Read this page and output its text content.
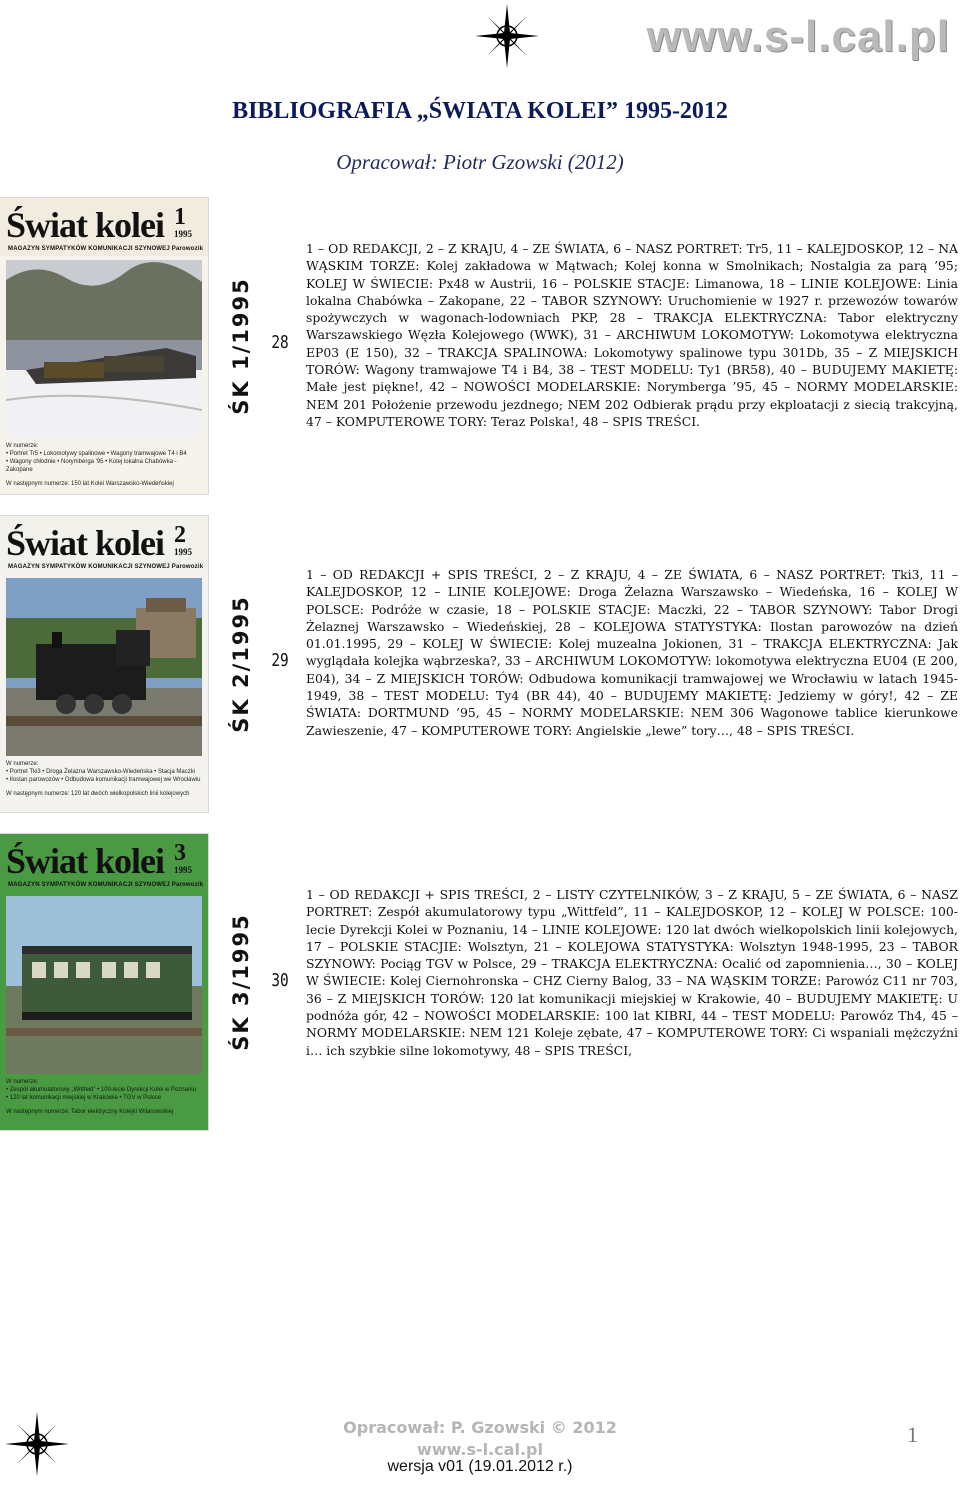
www.s-l.cal.pl
BIBLIOGRAFIA „ŚWIATA KOLEI” 1995-2012
Opracował: Piotr Gzowski (2012)
Świat kolei 1
1995
MAGAZYN SYMPATYKÓW KOMUNIKACJI SZYNOWEJ Parowozik
W numerze:
• Portret Tr5 • Lokomotywy spalinowe • Wagony tramwajowe T4 i B4
• Wagony chłodnie • Norymberga '95 • Kolej lokalna Chabówka - Zakopane
W następnym numerze: 150 lat Kolei Warszawsko-Wiedeńskiej
ŚK 1/1995 28
1 – OD REDAKCJI, 2 – Z KRAJU, 4 – ZE ŚWIATA, 6 – NASZ PORTRET: Tr5, 11 – KALEJDOSKOP, 12 – NA WĄSKIM TORZE: Kolej zakładowa w Mątwach; Kolej konna w Smolnikach; Nostalgia za parą ’95; KOLEJ W ŚWIECIE: Px48 w Austrii, 16 – POLSKIE STACJE: Limanowa, 18 – LINIE KOLEJOWE: Linia lokalna Chabówka – Zakopane, 22 – TABOR SZYNOWY: Uruchomienie w 1927 r. przewozów towarów spożywczych w wagonach-lodowniach PKP, 28 – TRAKCJA ELEKTRYCZNA: Tabor elektryczny Warszawskiego Węzła Kolejowego (WWK), 31 – ARCHIWUM LOKOMOTYW: Lokomotywa elektryczna EP03 (E 150), 32 – TRAKCJA SPALINOWA: Lokomotywy spalinowe typu 301Db, 35 – Z MIEJSKICH TORÓW: Wagony tramwajowe T4 i B4, 38 – TEST MODELU: Ty1 (BR58), 40 – BUDUJEMY MAKIETĘ: Małe jest piękne!, 42 – NOWOŚCI MODELARSKIE: Norymberga ’95, 45 – NORMY MODELARSKIE: NEM 201 Położenie przewodu jezdnego; NEM 202 Odbierak prądu przy ekploatacji z siecią trakcyjną, 47 – KOMPUTEROWE TORY: Teraz Polska!, 48 – SPIS TREŚCI.
Świat kolei 2
1995
MAGAZYN SYMPATYKÓW KOMUNIKACJI SZYNOWEJ Parowozik
W numerze:
• Portret Tki3 • Droga Żelazna Warszawsko-Wiedeńska • Stacja Maczki
• Ilostan parowozów • Odbudowa komunikacji tramwajowej we Wrocławiu
W następnym numerze: 120 lat dwóch wielkopolskich linii kolejowych
ŚK 2/1995 29
1 – OD REDAKCJI + SPIS TREŚCI, 2 – Z KRAJU, 4 – ZE ŚWIATA, 6 – NASZ PORTRET: Tki3, 11 – KALEJDOSKOP, 12 – LINIE KOLEJOWE: Droga Żelazna Warszawsko – Wiedeńska, 16 – KOLEJ W POLSCE: Podróże w czasie, 18 – POLSKIE STACJE: Maczki, 22 – TABOR SZYNOWY: Tabor Drogi Żelaznej Warszawsko – Wiedeńskiej, 28 – KOLEJOWA STATYSTYKA: Ilostan parowozów na dzień 01.01.1995, 29 – KOLEJ W ŚWIECIE: Kolej muzealna Jokionen, 31 – TRAKCJA ELEKTRYCZNA: Jak wyglądała kolejka wąbrzeska?, 33 – ARCHIWUM LOKOMOTYW: lokomotywa elektryczna EU04 (E 200, E04), 34 – Z MIEJSKICH TORÓW: Odbudowa komunikacji tramwajowej we Wrocławiu w latach 1945-1949, 38 – TEST MODELU: Ty4 (BR 44), 40 – BUDUJEMY MAKIETĘ: Jedziemy w góry!, 42 – ZE ŚWIATA: DORTMUND ’95, 45 – NORMY MODELARSKIE: NEM 306 Wagonowe tablice kierunkowe Zawieszenie, 47 – KOMPUTEROWE TORY: Angielskie „lewe” tory…, 48 – SPIS TREŚCI.
Świat kolei 3
1995
MAGAZYN SYMPATYKÓW KOMUNIKACJI SZYNOWEJ Parowozik
W numerze:
• Zespół akumulatorowy „Wittfeld” • 100-lecie Dyrekcji Kolei w Poznaniu
• 120 lat komunikacji miejskiej w Krakowie • TGV w Polsce
W następnym numerze: Tabor elektryczny Kolejki Wilanowskiej
ŚK 3/1995 30
1 – OD REDAKCJI + SPIS TREŚCI, 2 – LISTY CZYTELNIKÓW, 3 – Z KRAJU, 5 – ZE ŚWIATA, 6 – NASZ PORTRET: Zespół akumulatorowy typu „Wittfeld”, 11 – KALEJDOSKOP, 12 – KOLEJ W POLSCE: 100-lecie Dyrekcji Kolei w Poznaniu, 14 – LINIE KOLEJOWE: 120 lat dwóch wielkopolskich linii kolejowych, 17 – POLSKIE STACJIE: Wolsztyn, 21 – KOLEJOWA STATYSTYKA: Wolsztyn 1948-1995, 23 – TABOR SZYNOWY: Pociąg TGV w Polsce, 29 – TRAKCJA ELEKTRYCZNA: Ocalić od zapomnienia…, 30 – KOLEJ W ŚWIECIE: Kolej Ciernohronska – CHZ Cierny Balog, 33 – NA WĄSKIM TORZE: Parowóz C11 nr 703, 36 – Z MIEJSKICH TORÓW: 120 lat komunikacji miejskiej w Krakowie, 40 – BUDUJEMY MAKIETĘ: U podnóża gór, 42 – NOWOŚCI MODELARSKIE: 100 lat KIBRI, 44 – TEST MODELU: Parowóz Th4, 45 – NORMY MODELARSKIE: NEM 121 Koleje zębate, 47 – KOMPUTEROWE TORY: Ci wspaniali mężczyźni i… ich szybkie silne lokomotywy, 48 – SPIS TREŚCI,
Opracował: P. Gzowski © 2012
www.s-l.cal.pl
wersja v01 (19.01.2012 r.)
1
